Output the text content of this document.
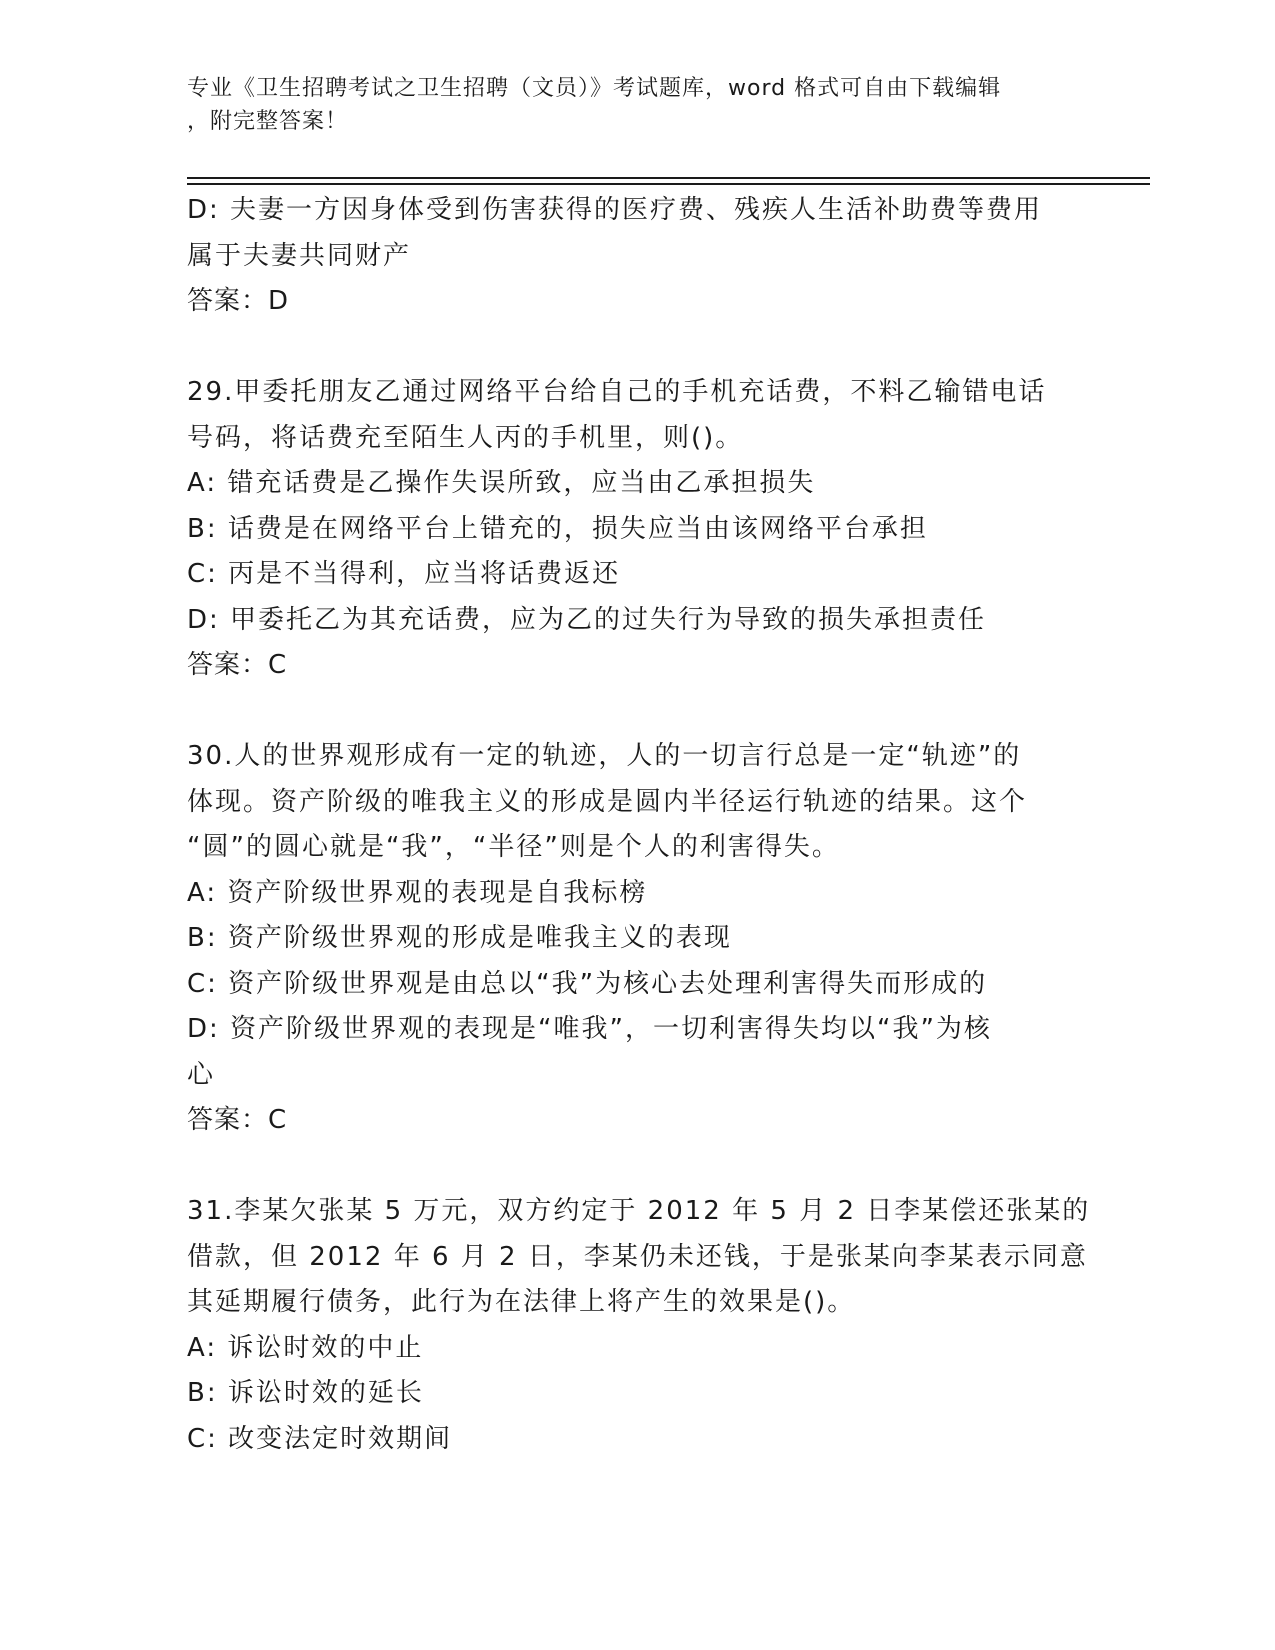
专业《卫生招聘考试之卫生招聘（文员）》考试题库，word 格式可自由下载编辑
，附完整答案！
D: 夫妻一方因身体受到伤害获得的医疗费、残疾人生活补助费等费用
属于夫妻共同财产
答案：D
29.甲委托朋友乙通过网络平台给自己的手机充话费，不料乙输错电话
号码，将话费充至陌生人丙的手机里，则()。
A: 错充话费是乙操作失误所致，应当由乙承担损失
B: 话费是在网络平台上错充的，损失应当由该网络平台承担
C: 丙是不当得利，应当将话费返还
D: 甲委托乙为其充话费，应为乙的过失行为导致的损失承担责任
答案：C
30.人的世界观形成有一定的轨迹，人的一切言行总是一定“轨迹”的
体现。资产阶级的唯我主义的形成是圆内半径运行轨迹的结果。这个
“圆”的圆心就是“我”，“半径”则是个人的利害得失。
A: 资产阶级世界观的表现是自我标榜
B: 资产阶级世界观的形成是唯我主义的表现
C: 资产阶级世界观是由总以“我”为核心去处理利害得失而形成的
D: 资产阶级世界观的表现是“唯我”，一切利害得失均以“我”为核
心
答案：C
31.李某欠张某 5 万元，双方约定于 2012 年 5 月 2 日李某偿还张某的
借款，但 2012 年 6 月 2 日，李某仍未还钱，于是张某向李某表示同意
其延期履行债务，此行为在法律上将产生的效果是()。
A: 诉讼时效的中止
B: 诉讼时效的延长
C: 改变法定时效期间
